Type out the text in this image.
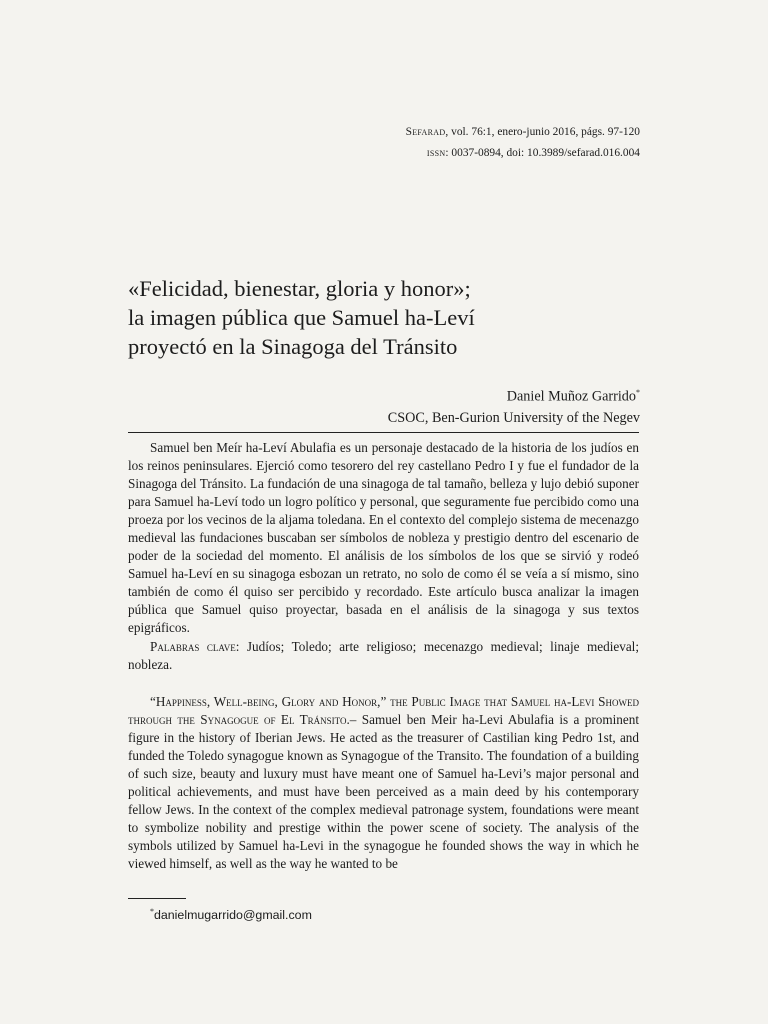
Sefarad, vol. 76:1, enero-junio 2016, págs. 97-120
issn: 0037-0894, doi: 10.3989/sefarad.016.004
«Felicidad, bienestar, gloria y honor»;
la imagen pública que Samuel ha-Leví
proyectó en la Sinagoga del Tránsito
Daniel Muñoz Garrido*
CSOC, Ben-Gurion University of the Negev

Samuel ben Meír ha-Leví Abulafia es un personaje destacado de la historia de los judíos en los reinos peninsulares. Ejerció como tesorero del rey castellano Pedro I y fue el fundador de la Sinagoga del Tránsito. La fundación de una sinagoga de tal tamaño, belleza y lujo debió suponer para Samuel ha-Leví todo un logro político y personal, que seguramente fue percibido como una proeza por los vecinos de la aljama toledana. En el contexto del complejo sistema de mecenazgo medieval las fundaciones buscaban ser símbolos de nobleza y prestigio dentro del escenario de poder de la sociedad del momento. El análisis de los símbolos de los que se sirvió y rodeó Samuel ha-Leví en su sinagoga esbozan un retrato, no solo de como él se veía a sí mismo, sino también de como él quiso ser percibido y recordado. Este artículo busca analizar la imagen pública que Samuel quiso proyectar, basada en el análisis de la sinagoga y sus textos epigráficos.

Palabras clave: Judíos; Toledo; arte religioso; mecenazgo medieval; linaje medieval; nobleza.

“Happiness, Well-being, Glory and Honor,” the Public Image that Samuel ha-Levi Showed through the Synagogue of El Tránsito.– Samuel ben Meir ha-Levi Abulafia is a prominent figure in the history of Iberian Jews. He acted as the treasurer of Castilian king Pedro 1st, and funded the Toledo synagogue known as Synagogue of the Transito. The foundation of a building of such size, beauty and luxury must have meant one of Samuel ha-Levi’s major personal and political achievements, and must have been perceived as a main deed by his contemporary fellow Jews. In the context of the complex medieval patronage system, foundations were meant to symbolize nobility and prestige within the power scene of society. The analysis of the symbols utilized by Samuel ha-Levi in the synagogue he founded shows the way in which he viewed himself, as well as the way he wanted to be

*danielmugarrido@gmail.com
